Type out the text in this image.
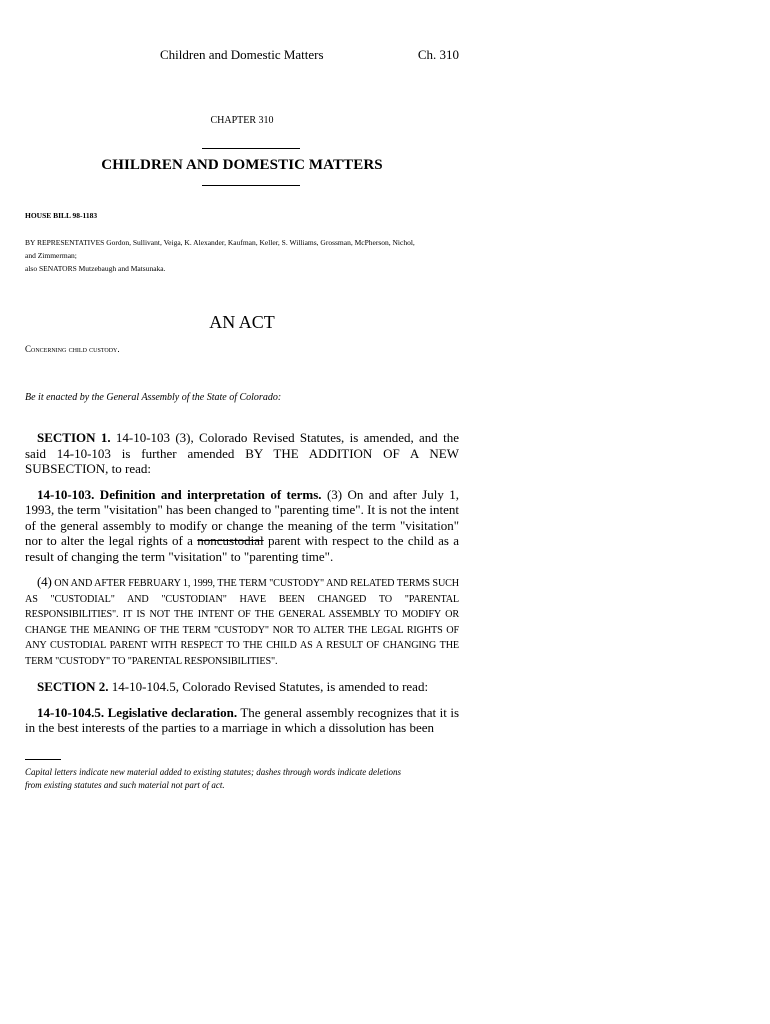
Children and Domestic Matters	Ch. 310
CHAPTER 310
CHILDREN AND DOMESTIC MATTERS
HOUSE BILL 98-1183
BY REPRESENTATIVES Gordon, Sullivant, Veiga, K. Alexander, Kaufman, Keller, S. Williams, Grossman, McPherson, Nichol,
and Zimmerman;
also SENATORS Mutzebaugh and Matsunaka.
AN ACT
Concerning child custody.
Be it enacted by the General Assembly of the State of Colorado:

SECTION 1. 14-10-103 (3), Colorado Revised Statutes, is amended, and the said 14-10-103 is further amended BY THE ADDITION OF A NEW SUBSECTION, to read:

14-10-103. Definition and interpretation of terms. (3) On and after July 1, 1993, the term "visitation" has been changed to "parenting time". It is not the intent of the general assembly to modify or change the meaning of the term "visitation" nor to alter the legal rights of a noncustodial parent with respect to the child as a result of changing the term "visitation" to "parenting time".

(4) ON AND AFTER FEBRUARY 1, 1999, THE TERM "CUSTODY" AND RELATED TERMS SUCH AS "CUSTODIAL" AND "CUSTODIAN" HAVE BEEN CHANGED TO "PARENTAL RESPONSIBILITIES". IT IS NOT THE INTENT OF THE GENERAL ASSEMBLY TO MODIFY OR CHANGE THE MEANING OF THE TERM "CUSTODY" NOR TO ALTER THE LEGAL RIGHTS OF ANY CUSTODIAL PARENT WITH RESPECT TO THE CHILD AS A RESULT OF CHANGING THE TERM "CUSTODY" TO "PARENTAL RESPONSIBILITIES".

SECTION 2. 14-10-104.5, Colorado Revised Statutes, is amended to read:

14-10-104.5. Legislative declaration. The general assembly recognizes that it is in the best interests of the parties to a marriage in which a dissolution has been

Capital letters indicate new material added to existing statutes; dashes through words indicate deletions
from existing statutes and such material not part of act.
